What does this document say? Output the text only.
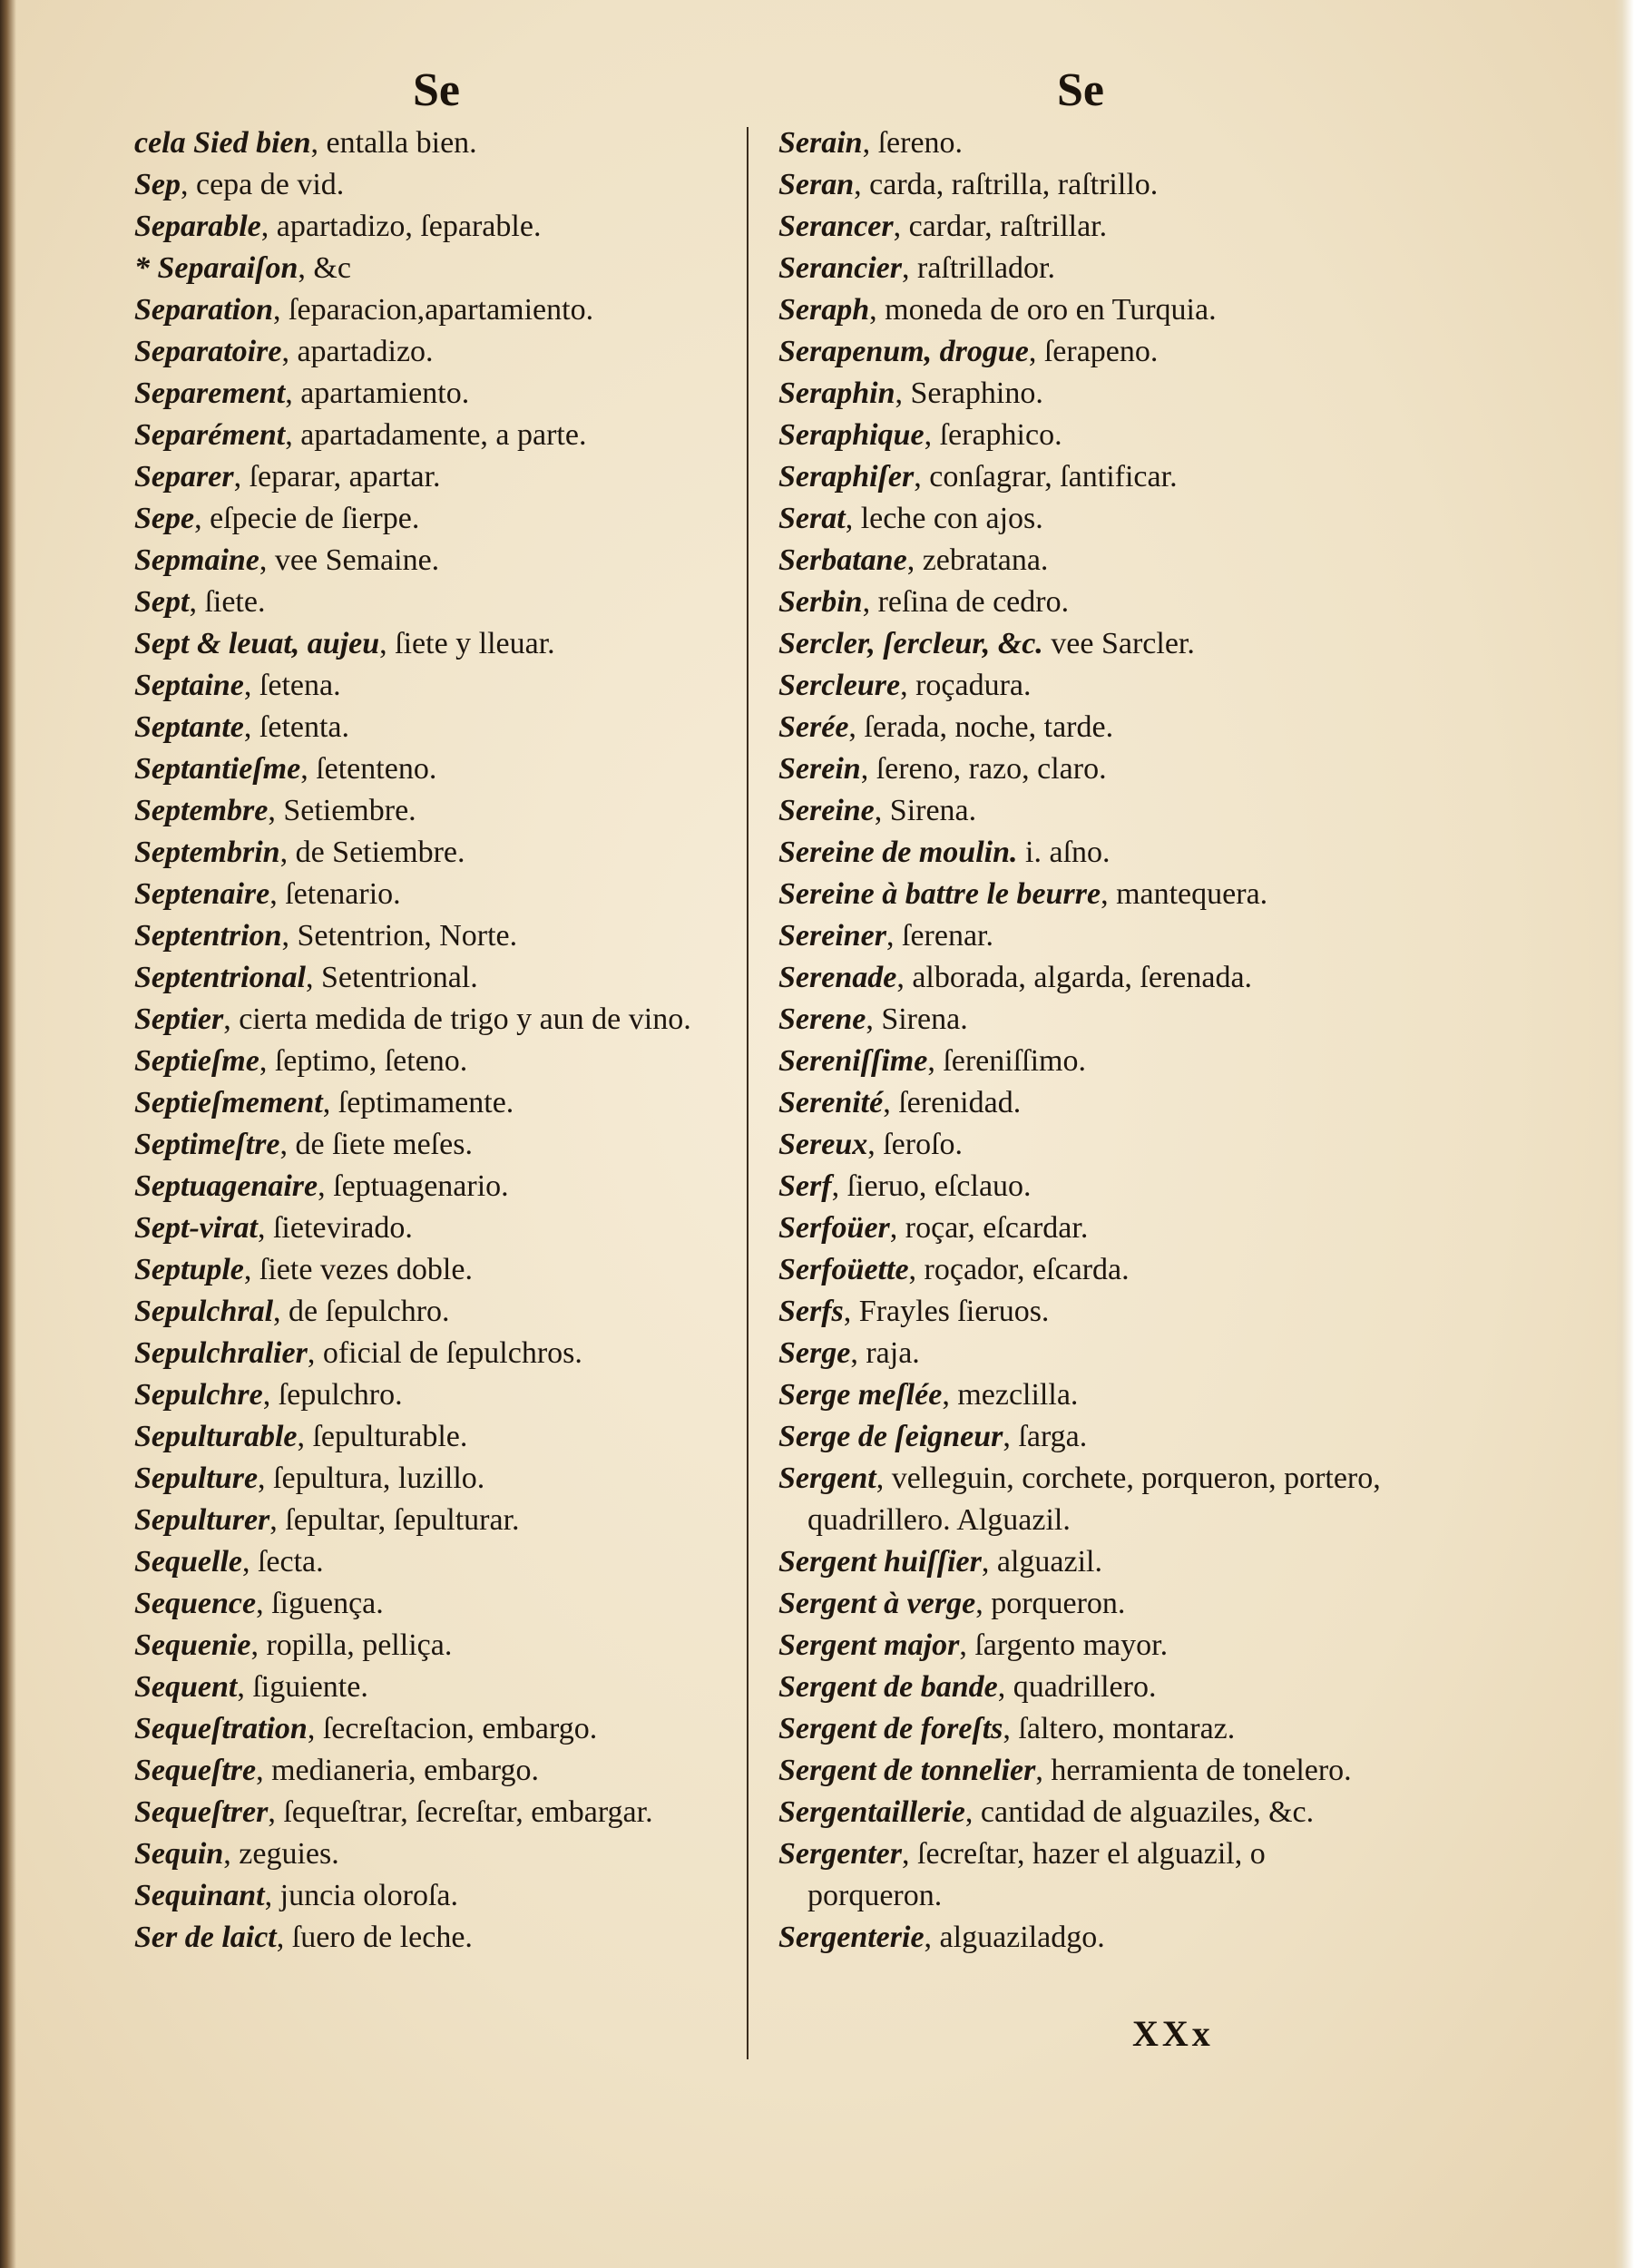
Se	Se
cela Sied bien, entalla bien.
Sep, cepa de vid.
Separable, apartadizo, ſeparable.
* Separaiſon, &c
Separation, ſeparacion,apartamiento.
Separatoire, apartadizo.
Separement, apartamiento.
Separément, apartadamente, a parte.
Separer, ſeparar, apartar.
Sepe, eſpecie de ſierpe.
Sepmaine, vee Semaine.
Sept, ſiete.
Sept & leuat, aujeu, ſiete y lleuar.
Septaine, ſetena.
Septante, ſetenta.
Septantieſme, ſetenteno.
Septembre, Setiembre.
Septembrin, de Setiembre.
Septenaire, ſetenario.
Septentrion, Setentrion, Norte.
Septentrional, Setentrional.
Septier, cierta medida de trigo y aun de vino.
Septieſme, ſeptimo, ſeteno.
Septieſmement, ſeptimamente.
Septimeſtre, de ſiete meſes.
Septuagenaire, ſeptuagenario.
Sept-virat, ſietevirado.
Septuple, ſiete vezes doble.
Sepulchral, de ſepulchro.
Sepulchralier, oficial de ſepulchros.
Sepulchre, ſepulchro.
Sepulturable, ſepulturable.
Sepulture, ſepultura, luzillo.
Sepulturer, ſepultar, ſepulturar.
Sequelle, ſecta.
Sequence, ſiguença.
Sequenie, ropilla, pelliça.
Sequent, ſiguiente.
Sequeſtration, ſecreſtacion, embargo.
Sequeſtre, medianeria, embargo.
Sequeſtrer, ſequeſtrar, ſecreſtar, embargar.
Sequin, zeguies.
Sequinant, juncia oloroſa.
Ser de laict, ſuero de leche.
Serain, ſereno.
Seran, carda, raſtrilla, raſtrillo.
Serancer, cardar, raſtrillar.
Serancier, raſtrillador.
Seraph, moneda de oro en Turquia.
Serapenum, drogue, ſerapeno.
Seraphin, Seraphino.
Seraphique, ſeraphico.
Seraphiſer, conſagrar, ſantificar.
Serat, leche con ajos.
Serbatane, zebratana.
Serbin, reſina de cedro.
Sercler, ſercleur, &c. vee Sarcler.
Sercleure, roçadura.
Serée, ſerada, noche, tarde.
Serein, ſereno, razo, claro.
Sereine, Sirena.
Sereine de moulin. i. aſno.
Sereine à battre le beurre, mantequera.
Sereiner, ſerenar.
Serenade, alborada, algarda, ſerenada.
Serene, Sirena.
Sereniſſime, ſereniſſimo.
Serenité, ſerenidad.
Sereux, ſeroſo.
Serf, ſieruo, eſclauo.
Serfoüer, roçar, eſcardar.
Serfoüette, roçador, eſcarda.
Serfs, Frayles ſieruos.
Serge, raja.
Serge meſlée, mezclilla.
Serge de ſeigneur, ſarga.
Sergent, velleguin, corchete, porqueron, portero, quadrillero. Alguazil.
Sergent huiſſier, alguazil.
Sergent à verge, porqueron.
Sergent major, ſargento mayor.
Sergent de bande, quadrillero.
Sergent de foreſts, ſaltero, montaraz.
Sergent de tonnelier, herramienta de tonelero.
Sergentaillerie, cantidad de alguaziles, &c.
Sergenter, ſecreſtar, hazer el alguazil, o porqueron.
Sergenterie, alguaziladgo.
XXx
